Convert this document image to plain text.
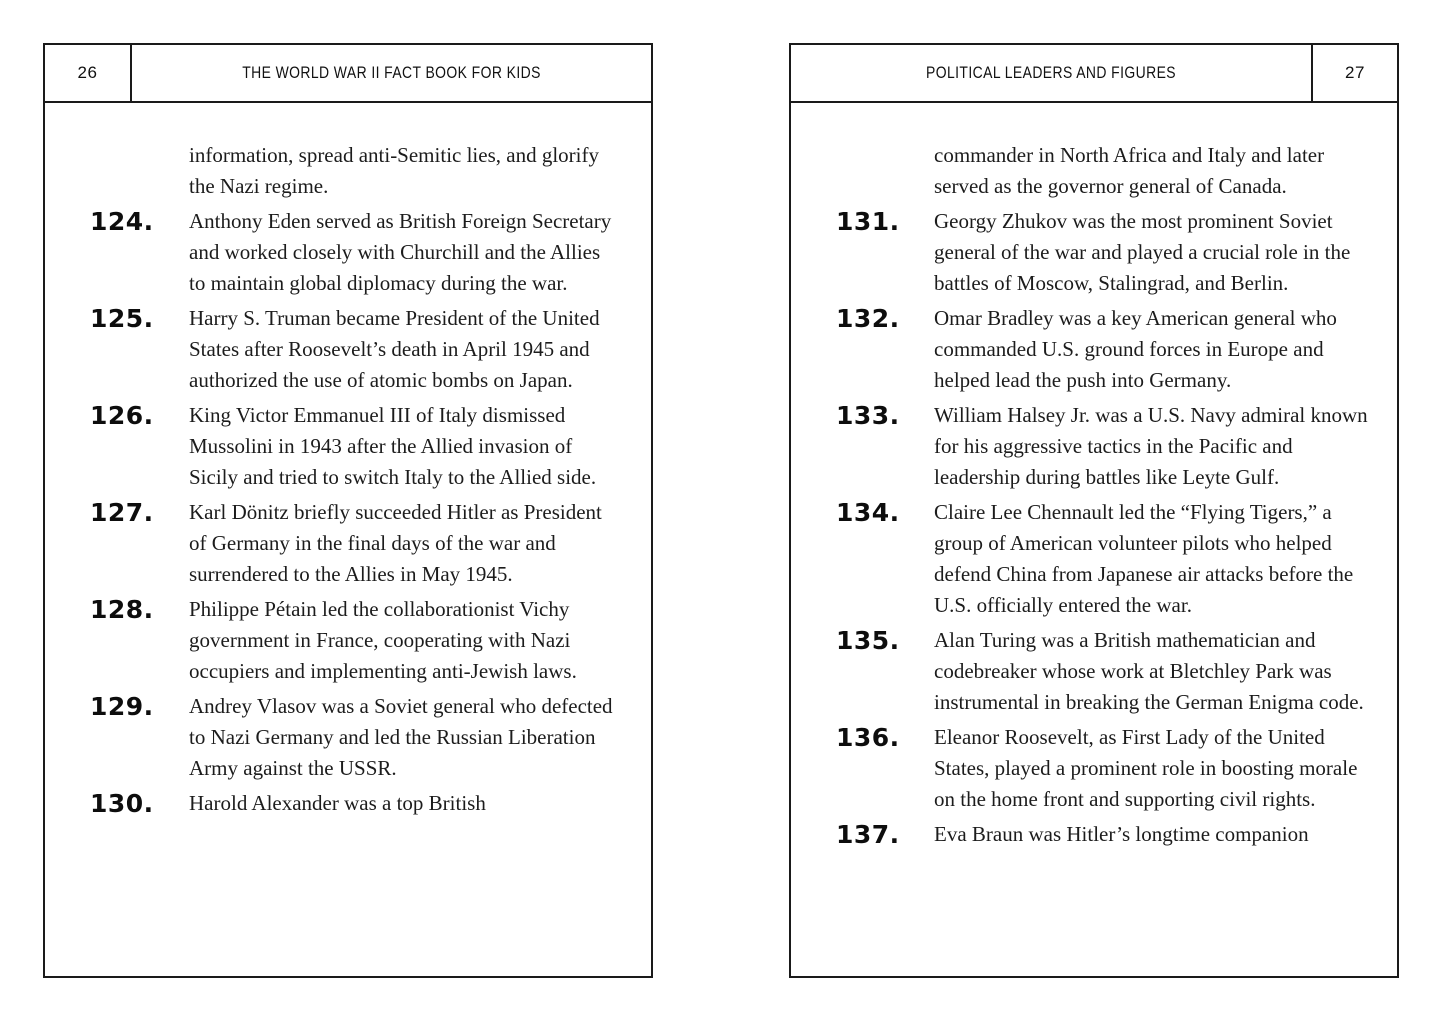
26	THE WORLD WAR II FACT BOOK FOR KIDS
information, spread anti-Semitic lies, and glorify the Nazi regime.
124.	Anthony Eden served as British Foreign Secretary and worked closely with Churchill and the Allies to maintain global diplomacy during the war.
125.	Harry S. Truman became President of the United States after Roosevelt’s death in April 1945 and authorized the use of atomic bombs on Japan.
126.	King Victor Emmanuel III of Italy dismissed Mussolini in 1943 after the Allied invasion of Sicily and tried to switch Italy to the Allied side.
127.	Karl Dönitz briefly succeeded Hitler as President of Germany in the final days of the war and surrendered to the Allies in May 1945.
128.	Philippe Pétain led the collaborationist Vichy government in France, cooperating with Nazi occupiers and implementing anti-Jewish laws.
129.	Andrey Vlasov was a Soviet general who defected to Nazi Germany and led the Russian Liberation Army against the USSR.
130.	Harold Alexander was a top British
POLITICAL LEADERS AND FIGURES	27
commander in North Africa and Italy and later served as the governor general of Canada.
131.	Georgy Zhukov was the most prominent Soviet general of the war and played a crucial role in the battles of Moscow, Stalingrad, and Berlin.
132.	Omar Bradley was a key American general who commanded U.S. ground forces in Europe and helped lead the push into Germany.
133.	William Halsey Jr. was a U.S. Navy admiral known for his aggressive tactics in the Pacific and leadership during battles like Leyte Gulf.
134.	Claire Lee Chennault led the “Flying Tigers,” a group of American volunteer pilots who helped defend China from Japanese air attacks before the U.S. officially entered the war.
135.	Alan Turing was a British mathematician and codebreaker whose work at Bletchley Park was instrumental in breaking the German Enigma code.
136.	Eleanor Roosevelt, as First Lady of the United States, played a prominent role in boosting morale on the home front and supporting civil rights.
137.	Eva Braun was Hitler’s longtime companion
